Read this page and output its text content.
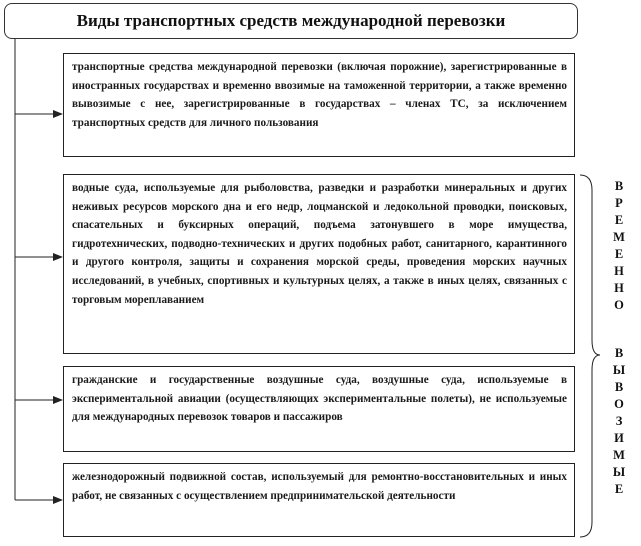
Виды транспортных средств международной перевозки
транспортные средства международной перевозки (включая порожние), зарегистрированные в иностранных государствах и временно ввозимые на таможенной территории, а также временно вывозимые с нее, зарегистрированные в государствах – членах ТС, за исключением транспортных средств для личного пользования
водные суда, используемые для рыболовства, разведки и разработки минеральных и других неживых ресурсов морского дна и его недр, лоцманской и ледокольной проводки, поисковых, спасательных и буксирных операций, подъема затонувшего в море имущества, гидротехнических, подводно-технических и других подобных работ, санитарного, карантинного и другого контроля, защиты и сохранения морской среды, проведения морских научных исследований, в учебных, спортивных и культурных целях, а также в иных целях, связанных с торговым мореплаванием
гражданские и государственные воздушные суда, воздушные суда, используемые в экспериментальной авиации (осуществляющих экспериментальные полеты), не используемые для международных перевозок товаров и пассажиров
железнодорожный подвижной состав, используемый для ремонтно-восстановительных и иных работ, не связанных с осуществлением предпринимательской деятельности
В
Р
Е
М
Е
Н
Н
О
В
Ы
В
О
З
И
М
Ы
Е
